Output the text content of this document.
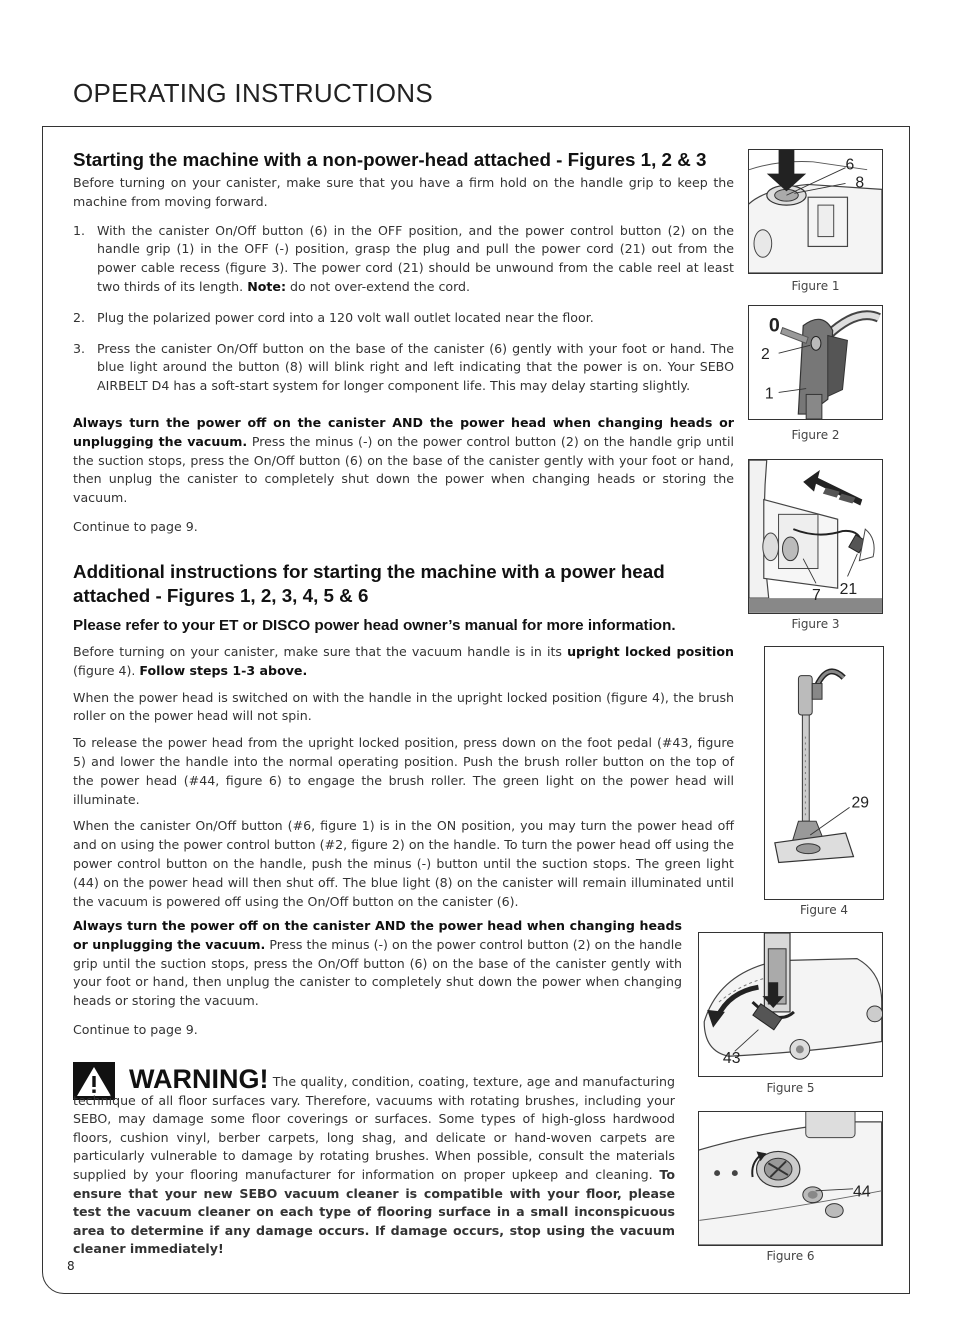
OPERATING INSTRUCTIONS
Starting the machine with a non-power-head attached - Figures 1, 2 & 3

Before turning on your canister, make sure that you have a firm hold on the handle grip to keep the machine from moving forward.

1. With the canister On/Off button (6) in the OFF position, and the power control button (2) on the handle grip (1) in the OFF (-) position, grasp the plug and pull the power cord (21) out from the power cable recess (figure 3). The power cord (21) should be unwound from the cable reel at least two thirds of its length. Note: do not over-extend the cord.
2. Plug the polarized power cord into a 120 volt wall outlet located near the floor.
3. Press the canister On/Off button on the base of the canister (6) gently with your foot or hand. The blue light around the button (8) will blink right and left indicating that the power is on. Your SEBO AIRBELT D4 has a soft-start system for longer component life. This may delay starting slightly.

Always turn the power off on the canister AND the power head when changing heads or unplugging the vacuum. Press the minus (-) on the power control button (2) on the handle grip until the suction stops, press the On/Off button (6) on the base of the canister gently with your foot or hand, then unplug the canister to completely shut down the power when changing heads or storing the vacuum.

Continue to page 9.

Additional instructions for starting the machine with a power head
attached - Figures 1, 2, 3, 4, 5 & 6
Please refer to your ET or DISCO power head owner’s manual for more information.

Before turning on your canister, make sure that the vacuum handle is in its upright locked position (figure 4). Follow steps 1-3 above.

When the power head is switched on with the handle in the upright locked position (figure 4), the brush roller on the power head will not spin.

To release the power head from the upright locked position, press down on the foot pedal (#43, figure 5) and lower the handle into the normal operating position. Push the brush roller button on the top of the power head (#44, figure 6) to engage the brush roller. The green light on the power head will illuminate.

When the canister On/Off button (#6, figure 1) is in the ON position, you may turn the power head off and on using the power control button (#2, figure 2) on the handle. To turn the power head off using the power control button on the handle, push the minus (-) button until the suction stops. The green light (44) on the power head will then shut off. The blue light (8) on the canister will remain illuminated until the vacuum is powered off using the On/Off button on the canister (6).

Always turn the power off on the canister AND the power head when changing heads or unplugging the vacuum. Press the minus (-) on the power control button (2) on the handle grip until the suction stops, press the On/Off button (6) on the base of the canister gently with your foot or hand, then unplug the canister to completely shut down the power when changing heads or storing the vacuum.

Continue to page 9.

WARNING! The quality, condition, coating, texture, age and manufacturing technique of all floor surfaces vary. Therefore, vacuums with rotating brushes, including your SEBO, may damage some floor coverings or surfaces. Some types of high-gloss hardwood floors, cushion vinyl, berber carpets, long shag, and delicate or hand-woven carpets are particularly vulnerable to damage by rotating brushes. When possible, consult the materials supplied by your flooring manufacturer for information on proper upkeep and cleaning. To ensure that your new SEBO vacuum cleaner is compatible with your floor, please test the vacuum cleaner on each type of flooring surface in a small inconspicuous area to determine if any damage occurs. If damage occurs, stop using the vacuum cleaner immediately!
8
6
8
Figure 1
0
2
1
Figure 2
7 21
Figure 3
29
Figure 4
43
Figure 5
44
Figure 6
